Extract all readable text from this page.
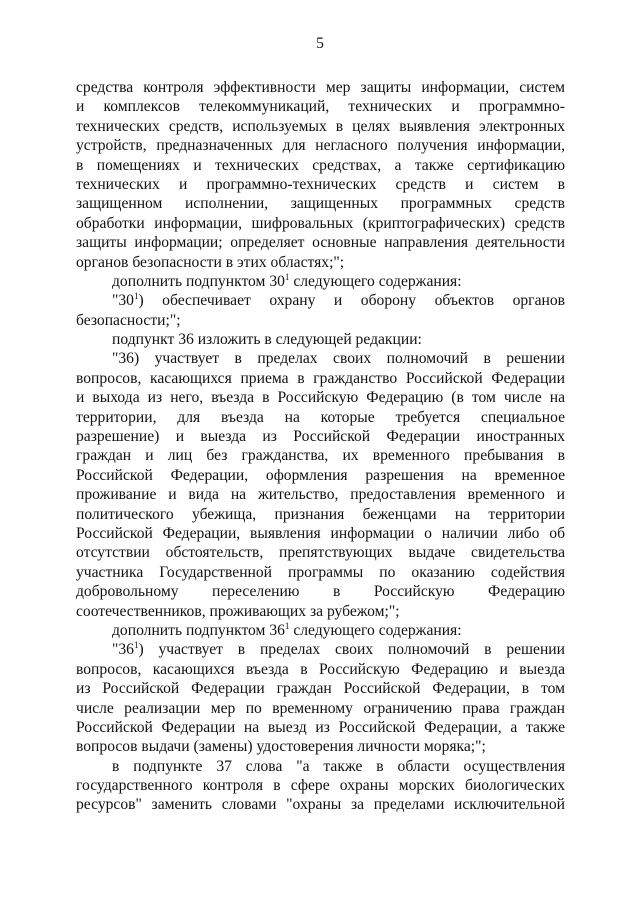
5
средства контроля эффективности мер защиты информации, систем
и комплексов телекоммуникаций, технических и программно-
технических средств, используемых в целях выявления электронных
устройств, предназначенных для негласного получения информации,
в помещениях и технических средствах, а также сертификацию
технических и программно-технических средств и систем в
защищенном исполнении, защищенных программных средств
обработки информации, шифровальных (криптографических) средств
защиты информации; определяет основные направления деятельности
органов безопасности в этих областях;";
дополнить подпунктом $30^1$ следующего содержания:
"$30^1$) обеспечивает охрану и оборону объектов органов
безопасности;";
подпункт 36 изложить в следующей редакции:
"36) участвует в пределах своих полномочий в решении
вопросов, касающихся приема в гражданство Российской Федерации
и выхода из него, въезда в Российскую Федерацию (в том числе на
территории, для въезда на которые требуется специальное
разрешение) и выезда из Российской Федерации иностранных
граждан и лиц без гражданства, их временного пребывания в
Российской Федерации, оформления разрешения на временное
проживание и вида на жительство, предоставления временного и
политического убежища, признания беженцами на территории
Российской Федерации, выявления информации о наличии либо об
отсутствии обстоятельств, препятствующих выдаче свидетельства
участника Государственной программы по оказанию содействия
добровольному переселению в Российскую Федерацию
соотечественников, проживающих за рубежом;";
дополнить подпунктом $36^1$ следующего содержания:
"$36^1$) участвует в пределах своих полномочий в решении
вопросов, касающихся въезда в Российскую Федерацию и выезда
из Российской Федерации граждан Российской Федерации, в том
числе реализации мер по временному ограничению права граждан
Российской Федерации на выезд из Российской Федерации, а также
вопросов выдачи (замены) удостоверения личности моряка;";
в подпункте 37 слова "а также в области осуществления
государственного контроля в сфере охраны морских биологических
ресурсов" заменить словами "охраны за пределами исключительной
